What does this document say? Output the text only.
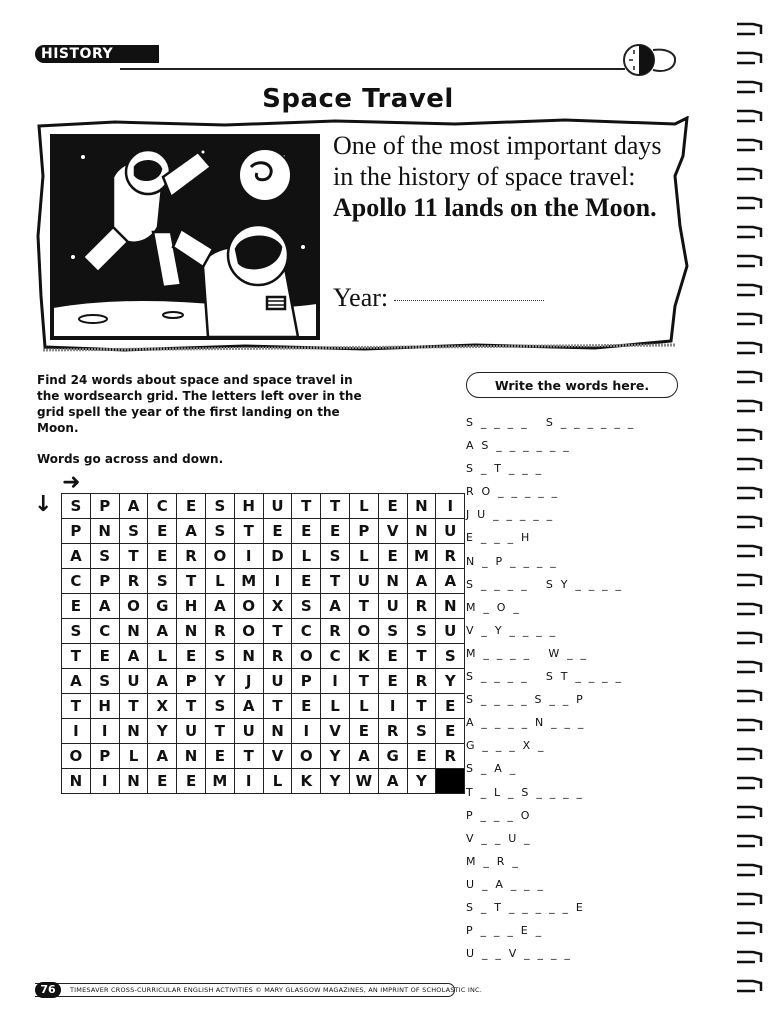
HISTORY
Space Travel
One of the most important days in the history of space travel: Apollo 11 lands on the Moon.
Year:
Find 24 words about space and space travel in the wordsearch grid. The letters left over in the grid spell the year of the first landing on the Moon.
Words go across and down.
➜
↓ S	P	A	C	E	S	H	U	T	T	L	E	N	I
P	N	S	E	A	S	T	E	E	E	P	V	N	U
A	S	T	E	R	O	I	D	L	S	L	E	M	R
C	P	R	S	T	L	M	I	E	T	U	N	A	A
E	A	O	G	H	A	O	X	S	A	T	U	R	N
S	C	N	A	N	R	O	T	C	R	O	S	S	U
T	E	A	L	E	S	N	R	O	C	K	E	T	S
A	S	U	A	P	Y	J	U	P	I	T	E	R	Y
T	H	T	X	T	S	A	T	E	L	L	I	T	E
I	I	N	Y	U	T	U	N	I	V	E	R	S	E
O	P	L	A	N	E	T	V	O	Y	A	G	E	R
N	I	N	E	E	M	I	L	K	Y	W	A	Y	
Write the words here.
S _ _ _ _   S _ _ _ _ _ _
A S _ _ _ _ _ _
S _ T _ _ _
R O _ _ _ _ _
J U _ _ _ _ _
E _ _ _ H
N _ P _ _ _ _
S _ _ _ _   S Y _ _ _ _
M _ O _
V _ Y _ _ _ _
M _ _ _ _   W _ _
S _ _ _ _   S T _ _ _ _
S _ _ _ _ S _ _ P
A _ _ _ _ N _ _ _
G _ _ _ X _
S _ A _
T _ L _ S _ _ _ _
P _ _ _ O
V _ _ U _
M _ R _
U _ A _ _ _
S _ T _ _ _ _ _ E
P _ _ _ E _
U _ _ V _ _ _ _
76	TIMESAVER CROSS-CURRICULAR ENGLISH ACTIVITIES © MARY GLASGOW MAGAZINES, AN IMPRINT OF SCHOLASTIC INC.
